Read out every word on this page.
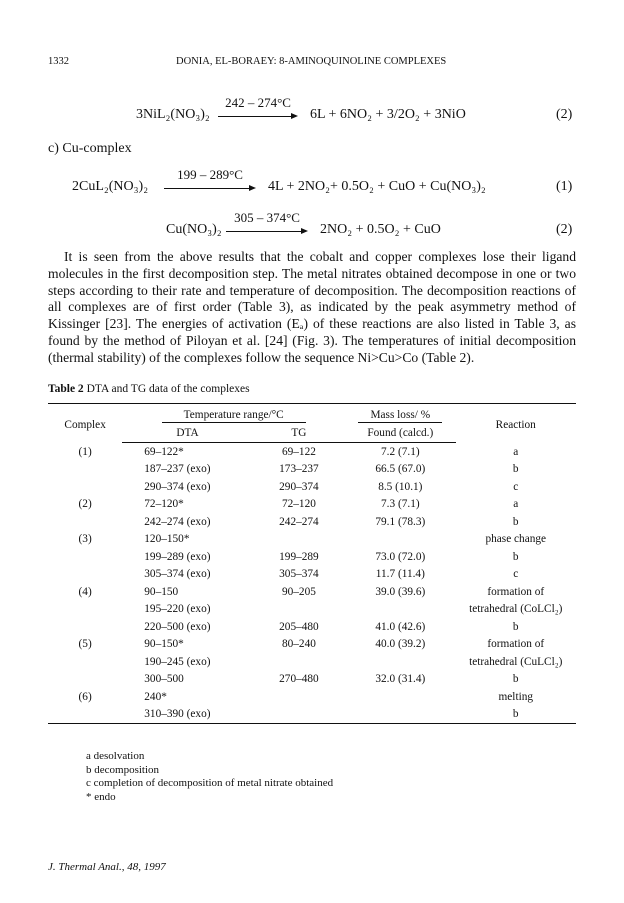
1332	DONIA, EL-BORAEY: 8-AMINOQUINOLINE COMPLEXES
3NiL₂(NO₃)₂
242 – 274°C
6L + 6NO₂ + 3/2O₂ + 3NiO	(2)
c) Cu-complex
2CuL₂(NO₃)₂
199 – 289°C
4L + 2NO₂+ 0.5O₂ + CuO + Cu(NO₃)₂	(1)
Cu(NO₃)₂
305 – 374°C
2NO₂ + 0.5O₂ + CuO	(2)

It is seen from the above results that the cobalt and copper complexes lose their ligand molecules in the first decomposition step. The metal nitrates obtained decompose in one or two steps according to their rate and temperature of decomposition. The decomposition reactions of all complexes are of first order (Table 3), as indicated by the peak asymmetry method of Kissinger [23]. The energies of activation (Eₐ) of these reactions are also listed in Table 3, as found by the method of Piloyan et al. [24] (Fig. 3). The temperatures of initial decomposition (thermal stability) of the complexes follow the sequence Ni>Cu>Co (Table 2).

Table 2 DTA and TG data of the complexes
Complex	Temperature range/°C		Mass loss/ %	Reaction
	DTA	TG	Found (calcd.)	
(1)	69–122*	69–122	7.2 (7.1)	a
	187–237 (exo)	173–237	66.5 (67.0)	b
	290–374 (exo)	290–374	8.5 (10.1)	c
(2)	72–120*	72–120	7.3 (7.1)	a
	242–274 (exo)	242–274	79.1 (78.3)	b
(3)	120–150*			phase change
	199–289 (exo)	199–289	73.0 (72.0)	b
	305–374 (exo)	305–374	11.7 (11.4)	c
(4)	90–150	90–205	39.0 (39.6)	formation of
	195–220 (exo)			tetrahedral (CoLCl₂)
	220–500 (exo)	205–480	41.0 (42.6)	b
(5)	90–150*	80–240	40.0 (39.2)	formation of
	190–245 (exo)			tetrahedral (CuLCl₂)
	300–500	270–480	32.0 (31.4)	b
(6)	240*			melting
	310–390 (exo)			b
a desolvation
b decomposition
c completion of decomposition of metal nitrate obtained
* endo
J. Thermal Anal., 48, 1997
